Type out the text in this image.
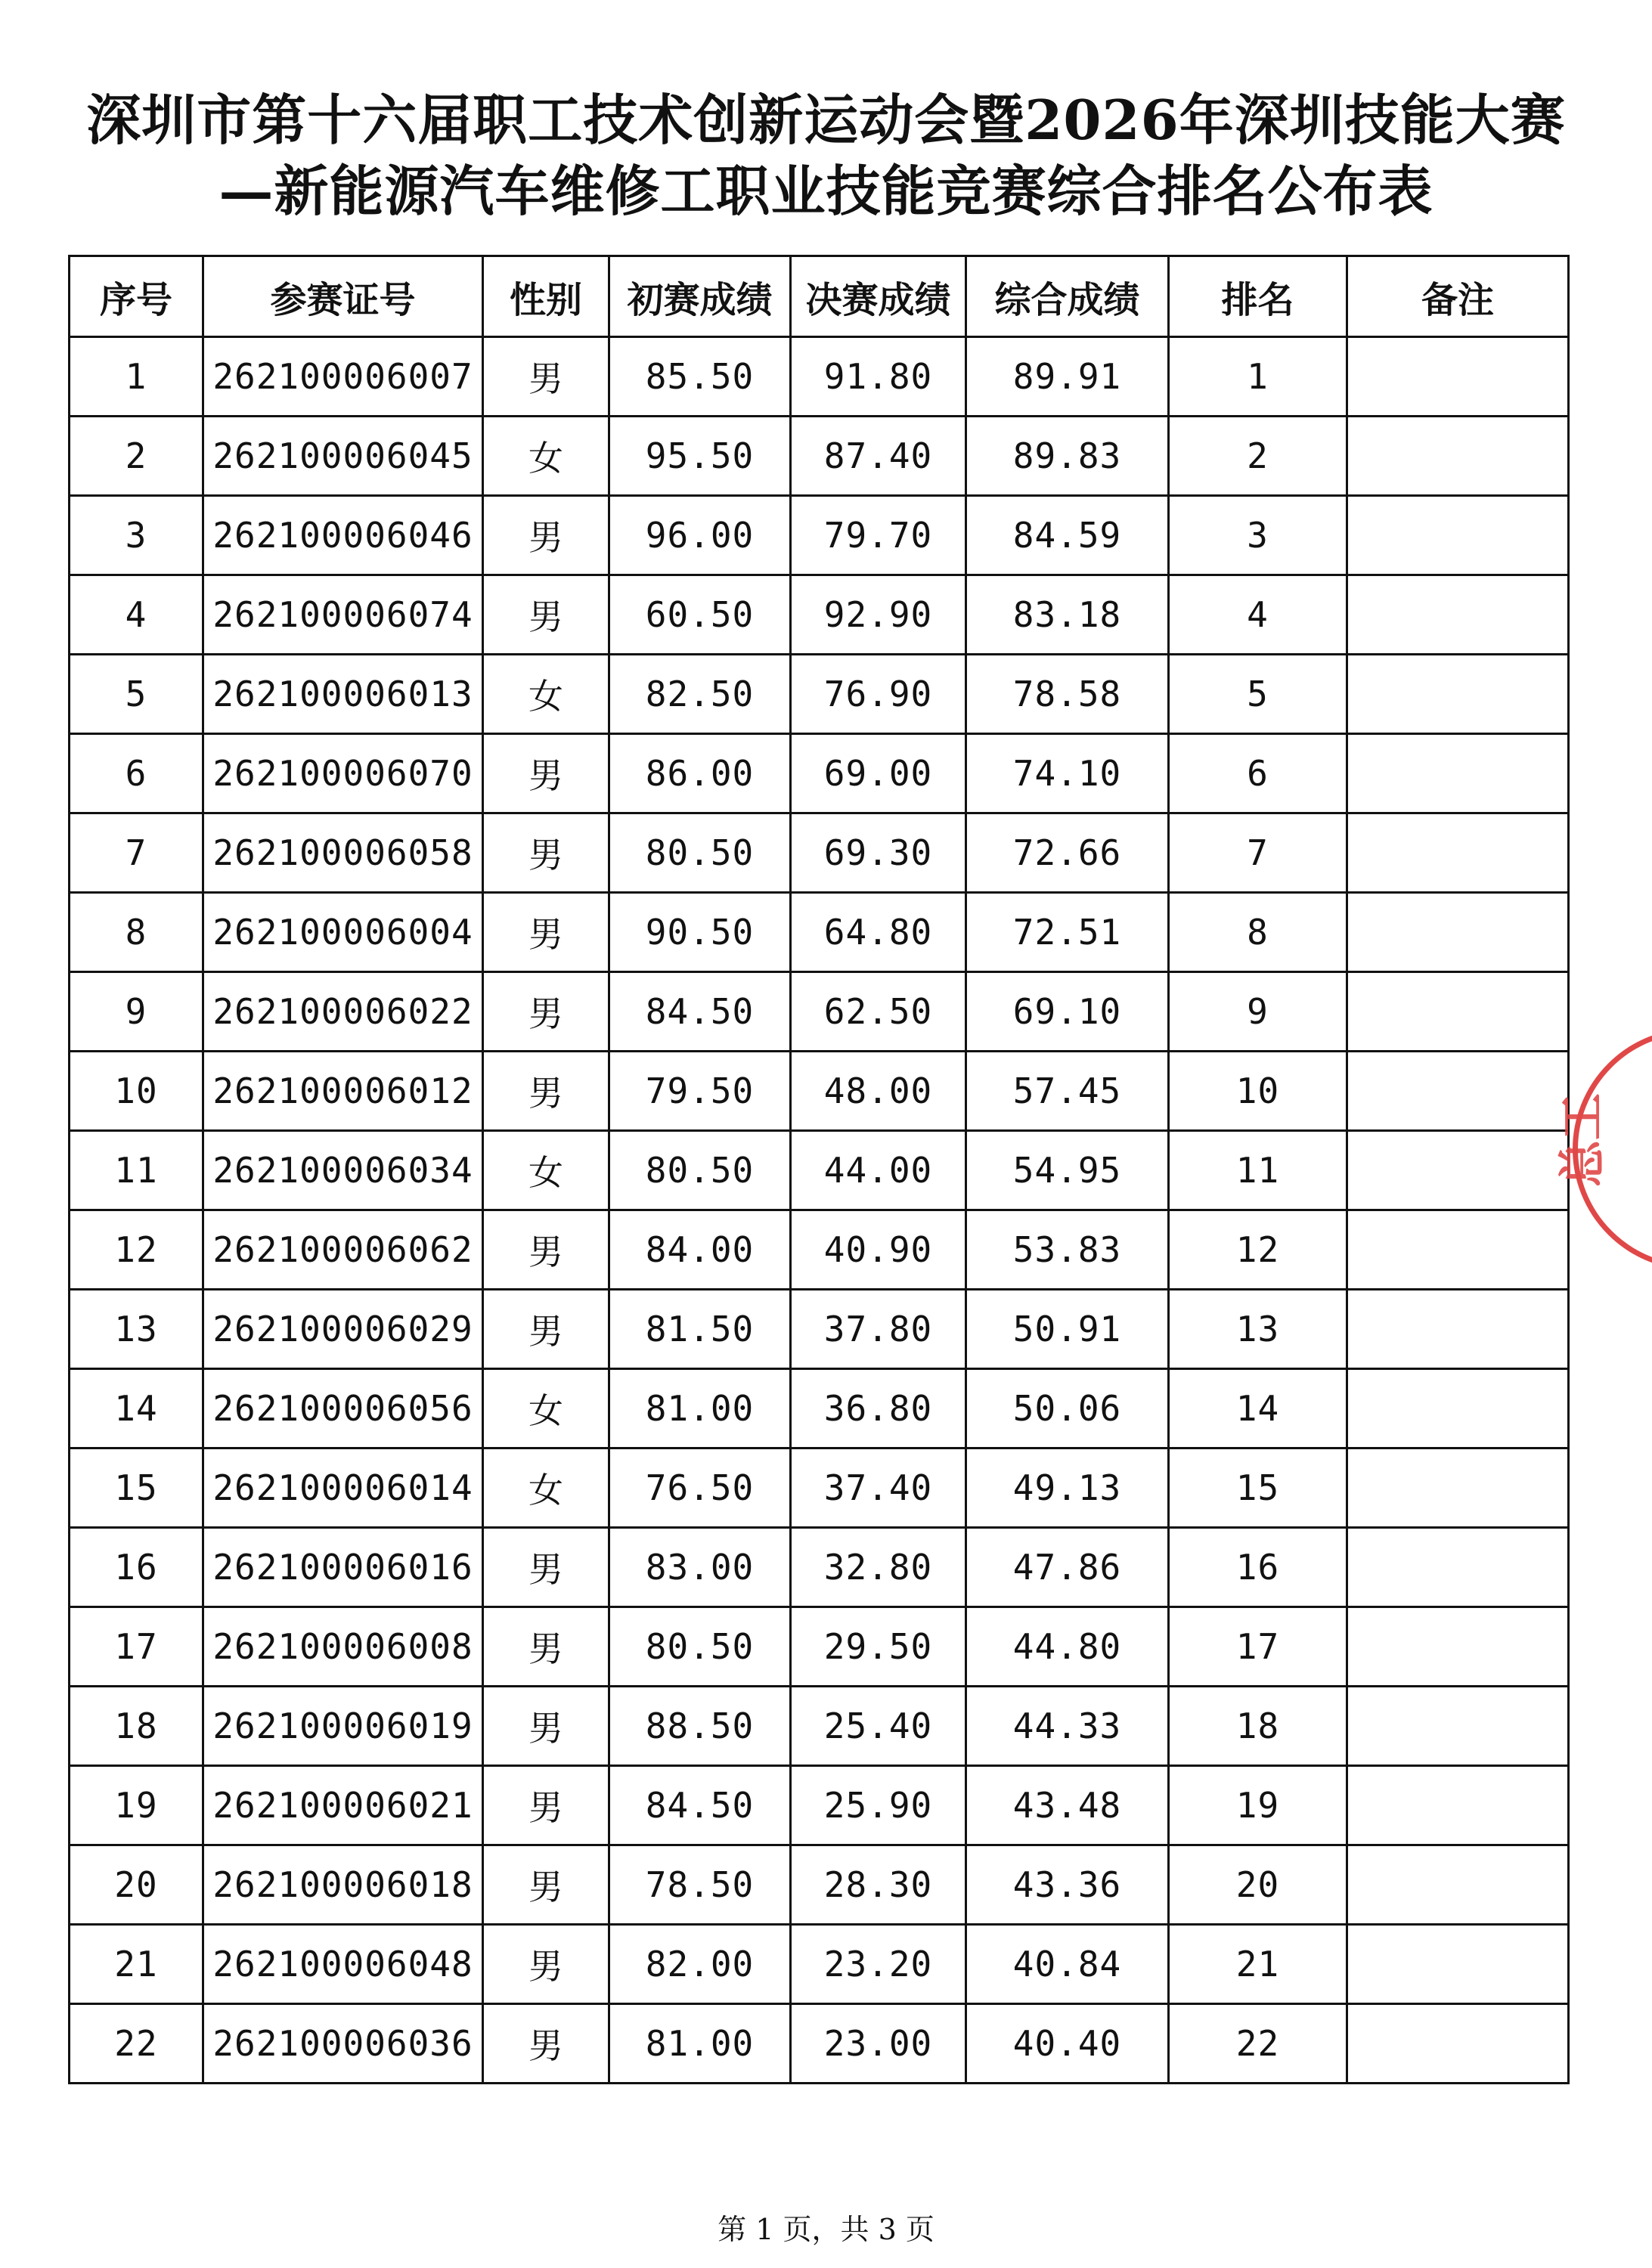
深圳市第十六届职工技术创新运动会暨2026年深圳技能大赛
—新能源汽车维修工职业技能竞赛综合排名公布表
序号	参赛证号	性别	初赛成绩	决赛成绩	综合成绩	排名	备注
1	262100006007	男	85.50	91.80	89.91	1	
2	262100006045	女	95.50	87.40	89.83	2	
3	262100006046	男	96.00	79.70	84.59	3	
4	262100006074	男	60.50	92.90	83.18	4	
5	262100006013	女	82.50	76.90	78.58	5	
6	262100006070	男	86.00	69.00	74.10	6	
7	262100006058	男	80.50	69.30	72.66	7	
8	262100006004	男	90.50	64.80	72.51	8	
9	262100006022	男	84.50	62.50	69.10	9	
10	262100006012	男	79.50	48.00	57.45	10	
11	262100006034	女	80.50	44.00	54.95	11	
12	262100006062	男	84.00	40.90	53.83	12	
13	262100006029	男	81.50	37.80	50.91	13	
14	262100006056	女	81.00	36.80	50.06	14	
15	262100006014	女	76.50	37.40	49.13	15	
16	262100006016	男	83.00	32.80	47.86	16	
17	262100006008	男	80.50	29.50	44.80	17	
18	262100006019	男	88.50	25.40	44.33	18	
19	262100006021	男	84.50	25.90	43.48	19	
20	262100006018	男	78.50	28.30	43.36	20	
21	262100006048	男	82.00	23.20	40.84	21	
22	262100006036	男	81.00	23.00	40.40	22	
第 1 页，共 3 页
总工
